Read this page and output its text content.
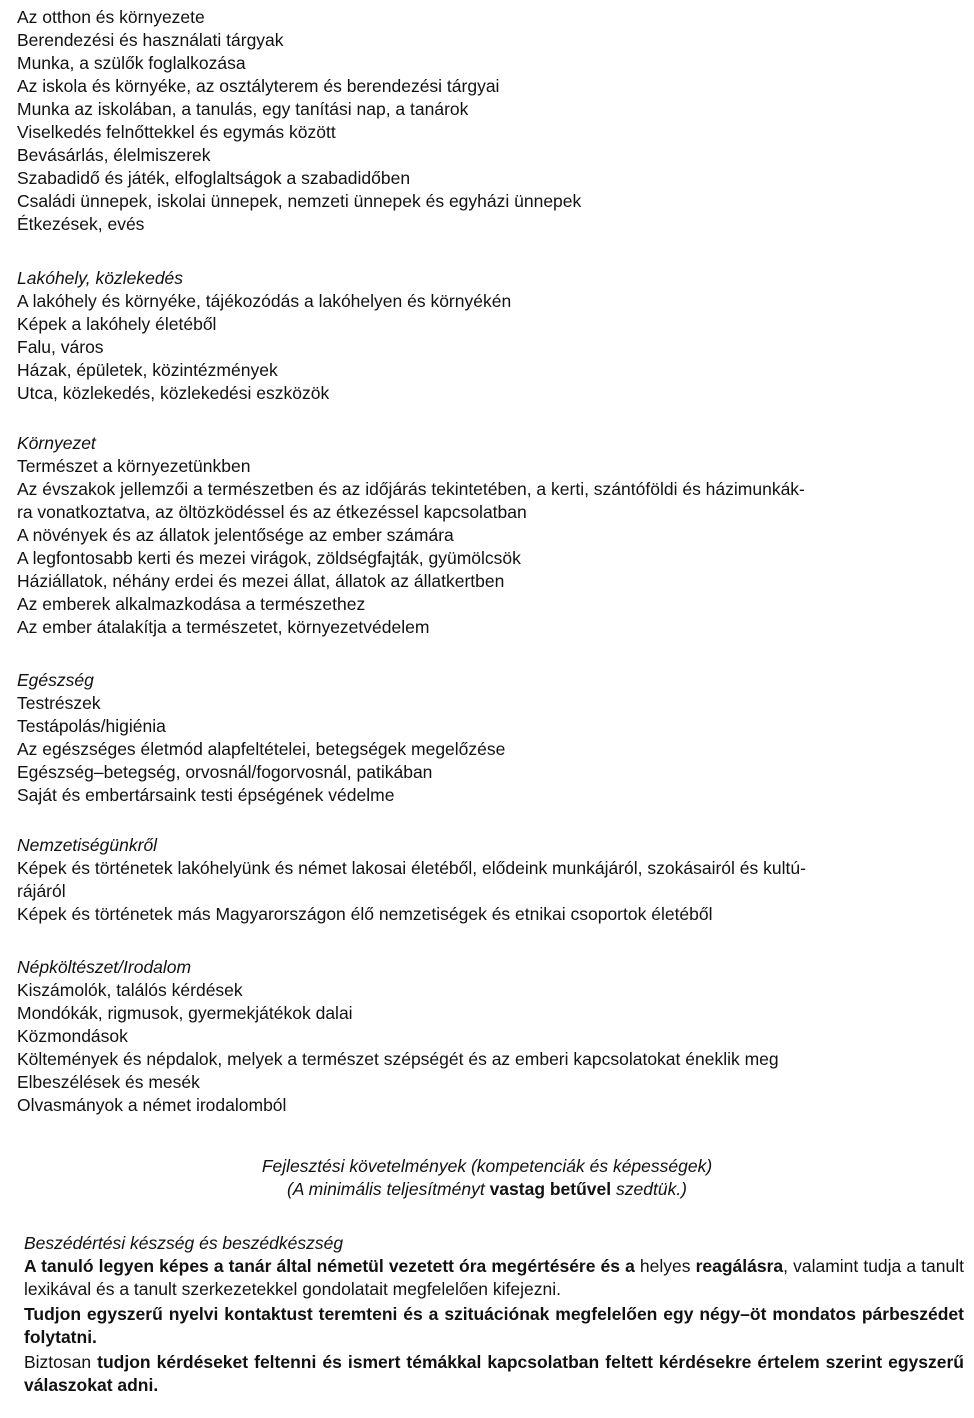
Az otthon és környezete
Berendezési és használati tárgyak
Munka, a szülők foglalkozása
Az iskola és környéke, az osztályterem és berendezési tárgyai
Munka az iskolában, a tanulás, egy tanítási nap, a tanárok
Viselkedés felnőttekkel és egymás között
Bevásárlás, élelmiszerek
Szabadidő és játék, elfoglaltságok a szabadidőben
Családi ünnepek, iskolai ünnepek, nemzeti ünnepek és egyházi ünnepek
Étkezések, evés
Lakóhely, közlekedés
A lakóhely és környéke, tájékozódás a lakóhelyen és környékén
Képek a lakóhely életéből
Falu, város
Házak, épületek, közintézmények
Utca, közlekedés, közlekedési eszközök
Környezet
Természet a környezetünkben
Az évszakok jellemzői a természetben és az időjárás tekintetében, a kerti, szántóföldi és házimunkák-
ra vonatkoztatva, az öltözködéssel és az étkezéssel kapcsolatban
A növények és az állatok jelentősége az ember számára
A legfontosabb kerti és mezei virágok, zöldségfajták, gyümölcsök
Háziállatok, néhány erdei és mezei állat, állatok az állatkertben
Az emberek alkalmazkodása a természethez
Az ember átalakítja a természetet, környezetvédelem
Egészség
Testrészek
Testápolás/higiénia
Az egészséges életmód alapfeltételei, betegségek megelőzése
Egészség–betegség, orvosnál/fogorvosnál, patikában
Saját és embertársaink testi épségének védelme
Nemzetiségünkről
Képek és történetek lakóhelyünk és német lakosai életéből, elődeink munkájáról, szokásairól és kultú-
rájáról
Képek és történetek más Magyarországon élő nemzetiségek és etnikai csoportok életéből
Népköltészet/Irodalom
Kiszámolók, találós kérdések
Mondókák, rigmusok, gyermekjátékok dalai
Közmondások
Költemények és népdalok, melyek a természet szépségét és az emberi kapcsolatokat éneklik meg
Elbeszélések és mesék
Olvasmányok a német irodalomból
Fejlesztési követelmények (kompetenciák és képességek)
(A minimális teljesítményt vastag betűvel szedtük.)
Beszédértési készség és beszédkészség
A tanuló legyen képes a tanár által németül vezetett óra megértésére és a helyes reagálásra, valamint tudja a tanult lexikával és a tanult szerkezetekkel gondolatait megfelelően kifejezni.
Tudjon egyszerű nyelvi kontaktust teremteni és a szituációnak megfelelően egy négy–öt mondatos párbeszédet folytatni.
Biztosan tudjon kérdéseket feltenni és ismert témákkal kapcsolatban feltett kérdésekre értelem szerint egyszerű válaszokat adni.
